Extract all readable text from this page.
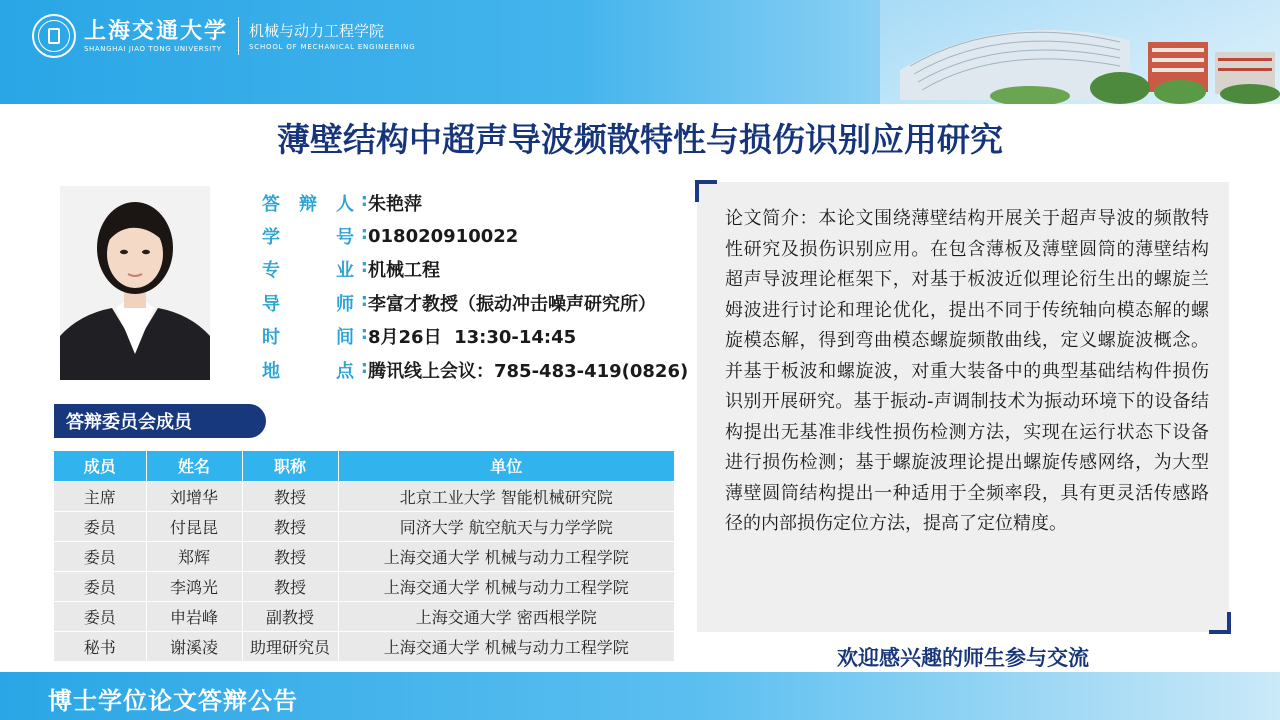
上海交通大学
SHANGHAI JIAO TONG UNIVERSITY
机械与动力工程学院
SCHOOL OF MECHANICAL ENGINEERING
薄壁结构中超声导波频散特性与损伤识别应用研究
答 辩 人 : 朱艳萍
学	号 : 018020910022
专	业 : 机械工程
导	师 : 李富才教授（振动冲击噪声研究所）
时	间 : 8月26日  13:30-14:45
地	点 : 腾讯线上会议：785-483-419(0826)
答辩委员会成员
成员	姓名	职称	单位
主席	刘增华	教授	北京工业大学 智能机械研究院
委员	付昆昆	教授	同济大学 航空航天与力学学院
委员	郑辉	教授	上海交通大学 机械与动力工程学院
委员	李鸿光	教授	上海交通大学 机械与动力工程学院
委员	申岩峰	副教授	上海交通大学 密西根学院
秘书	谢溪凌	助理研究员	上海交通大学 机械与动力工程学院
论文简介：本论文围绕薄壁结构开展关于超声导波的频散特性研究及损伤识别应用。在包含薄板及薄壁圆筒的薄壁结构超声导波理论框架下，对基于板波近似理论衍生出的螺旋兰姆波进行讨论和理论优化，提出不同于传统轴向模态解的螺旋模态解，得到弯曲模态螺旋频散曲线，定义螺旋波概念。并基于板波和螺旋波，对重大装备中的典型基础结构件损伤识别开展研究。基于振动-声调制技术为振动环境下的设备结构提出无基准非线性损伤检测方法，实现在运行状态下设备进行损伤检测；基于螺旋波理论提出螺旋传感网络，为大型薄壁圆筒结构提出一种适用于全频率段，具有更灵活传感路径的内部损伤定位方法，提高了定位精度。
欢迎感兴趣的师生参与交流
博士学位论文答辩公告
